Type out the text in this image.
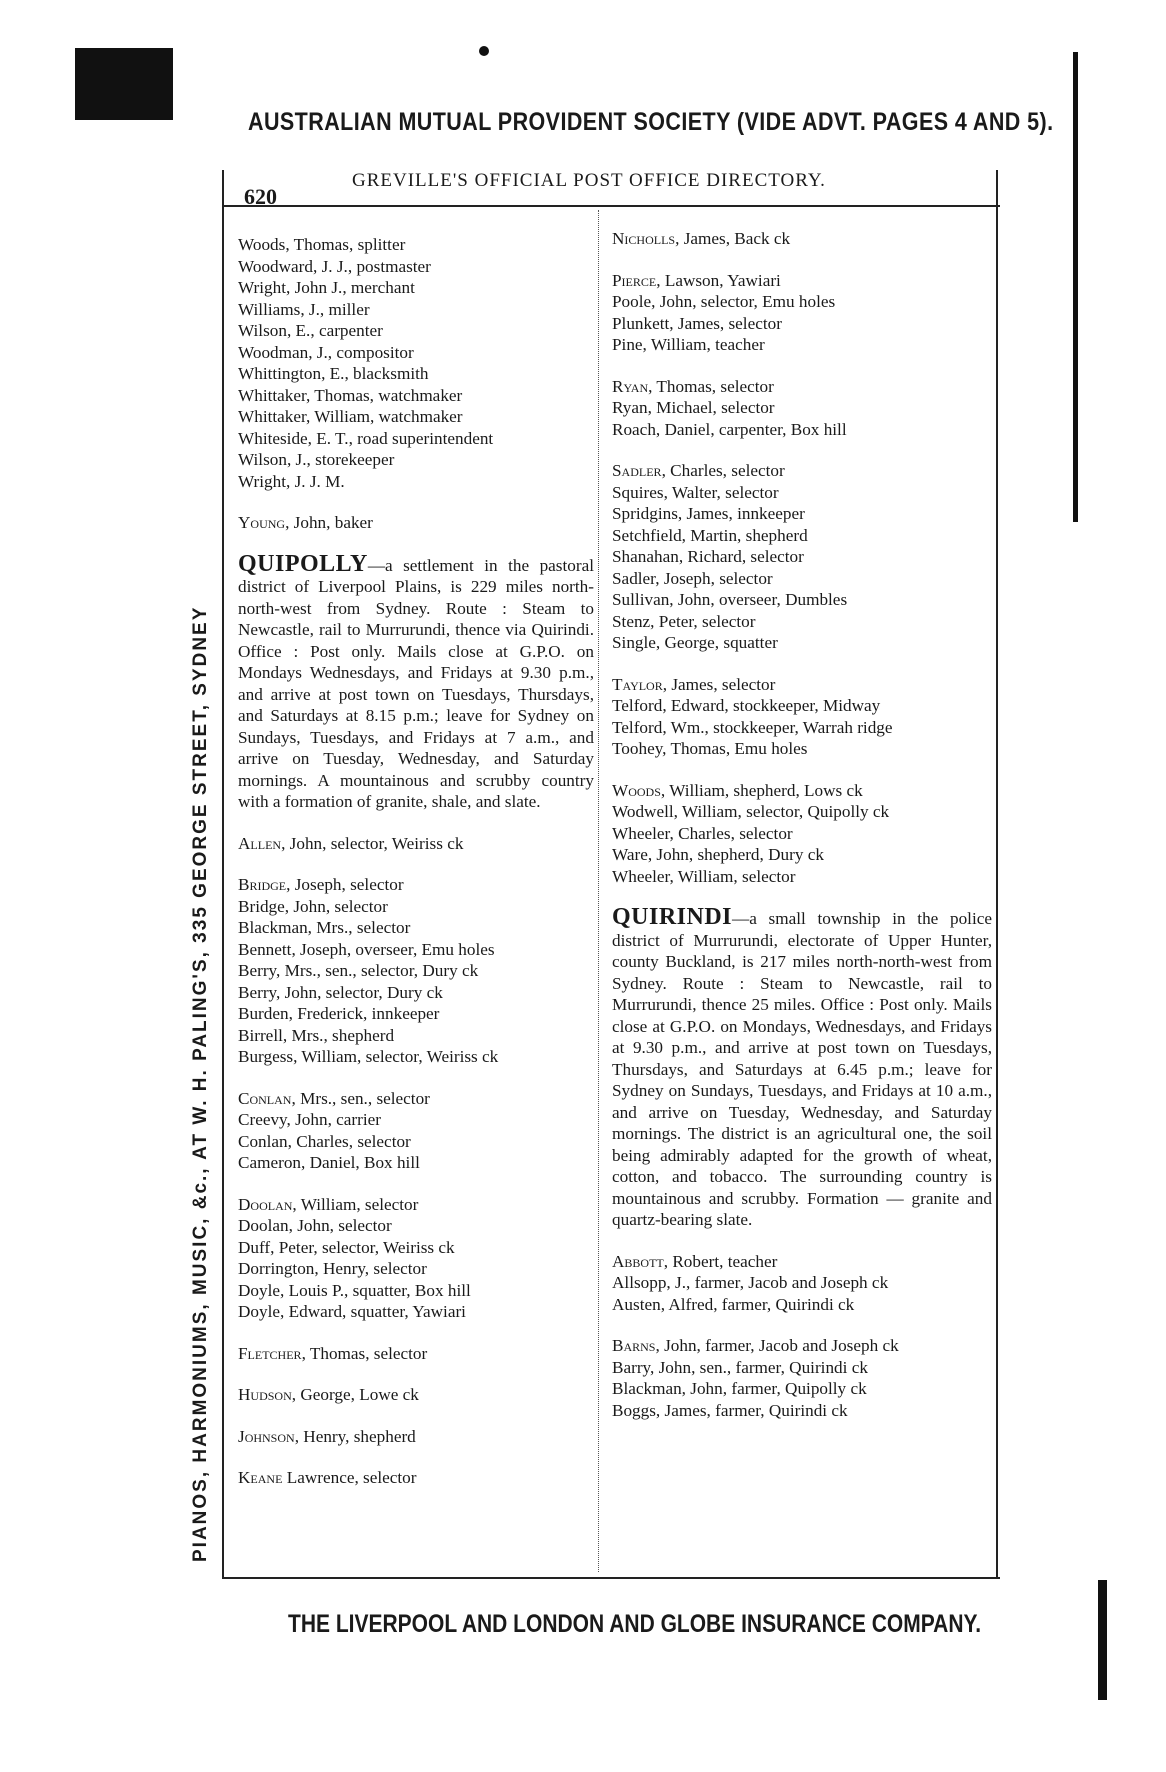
AUSTRALIAN MUTUAL PROVIDENT SOCIETY (VIDE ADVT. PAGES 4 AND 5).
PIANOS, HARMONIUMS, MUSIC, &c., AT W. H. PALING'S, 335 GEORGE STREET, SYDNEY
620
GREVILLE'S OFFICIAL POST OFFICE DIRECTORY.
Woods, Thomas, splitter
Woodward, J. J., postmaster
Wright, John J., merchant
Williams, J., miller
Wilson, E., carpenter
Woodman, J., compositor
Whittington, E., blacksmith
Whittaker, Thomas, watchmaker
Whittaker, William, watchmaker
Whiteside, E. T., road superintendent
Wilson, J., storekeeper
Wright, J. J. M.
Young, John, baker
QUIPOLLY—a settlement in the pastoral district of Liverpool Plains, is 229 miles north-north-west from Sydney. Route : Steam to Newcastle, rail to Murrurundi, thence via Quirindi. Office : Post only. Mails close at G.P.O. on Mondays Wednesdays, and Fridays at 9.30 p.m., and arrive at post town on Tuesdays, Thursdays, and Saturdays at 8.15 p.m.; leave for Sydney on Sundays, Tuesdays, and Fridays at 7 a.m., and arrive on Tuesday, Wednesday, and Saturday mornings. A mountainous and scrubby country with a formation of granite, shale, and slate.
Allen, John, selector, Weiriss ck
Bridge, Joseph, selector
Bridge, John, selector
Blackman, Mrs., selector
Bennett, Joseph, overseer, Emu holes
Berry, Mrs., sen., selector, Dury ck
Berry, John, selector, Dury ck
Burden, Frederick, innkeeper
Birrell, Mrs., shepherd
Burgess, William, selector, Weiriss ck
Conlan, Mrs., sen., selector
Creevy, John, carrier
Conlan, Charles, selector
Cameron, Daniel, Box hill
Doolan, William, selector
Doolan, John, selector
Duff, Peter, selector, Weiriss ck
Dorrington, Henry, selector
Doyle, Louis P., squatter, Box hill
Doyle, Edward, squatter, Yawiari
Fletcher, Thomas, selector
Hudson, George, Lowe ck
Johnson, Henry, shepherd
Keane Lawrence, selector
Nicholls, James, Back ck
Pierce, Lawson, Yawiari
Poole, John, selector, Emu holes
Plunkett, James, selector
Pine, William, teacher
Ryan, Thomas, selector
Ryan, Michael, selector
Roach, Daniel, carpenter, Box hill
Sadler, Charles, selector
Squires, Walter, selector
Spridgins, James, innkeeper
Setchfield, Martin, shepherd
Shanahan, Richard, selector
Sadler, Joseph, selector
Sullivan, John, overseer, Dumbles
Stenz, Peter, selector
Single, George, squatter
Taylor, James, selector
Telford, Edward, stockkeeper, Midway
Telford, Wm., stockkeeper, Warrah ridge
Toohey, Thomas, Emu holes
Woods, William, shepherd, Lows ck
Wodwell, William, selector, Quipolly ck
Wheeler, Charles, selector
Ware, John, shepherd, Dury ck
Wheeler, William, selector
QUIRINDI—a small township in the police district of Murrurundi, electorate of Upper Hunter, county Buckland, is 217 miles north-north-west from Sydney. Route : Steam to Newcastle, rail to Murrurundi, thence 25 miles. Office : Post only. Mails close at G.P.O. on Mondays, Wednesdays, and Fridays at 9.30 p.m., and arrive at post town on Tuesdays, Thursdays, and Saturdays at 6.45 p.m.; leave for Sydney on Sundays, Tuesdays, and Fridays at 10 a.m., and arrive on Tuesday, Wednesday, and Saturday mornings. The district is an agricultural one, the soil being admirably adapted for the growth of wheat, cotton, and tobacco. The surrounding country is mountainous and scrubby. Formation — granite and quartz-bearing slate.
Abbott, Robert, teacher
Allsopp, J., farmer, Jacob and Joseph ck
Austen, Alfred, farmer, Quirindi ck
Barns, John, farmer, Jacob and Joseph ck
Barry, John, sen., farmer, Quirindi ck
Blackman, John, farmer, Quipolly ck
Boggs, James, farmer, Quirindi ck
THE LIVERPOOL AND LONDON AND GLOBE INSURANCE COMPANY.
